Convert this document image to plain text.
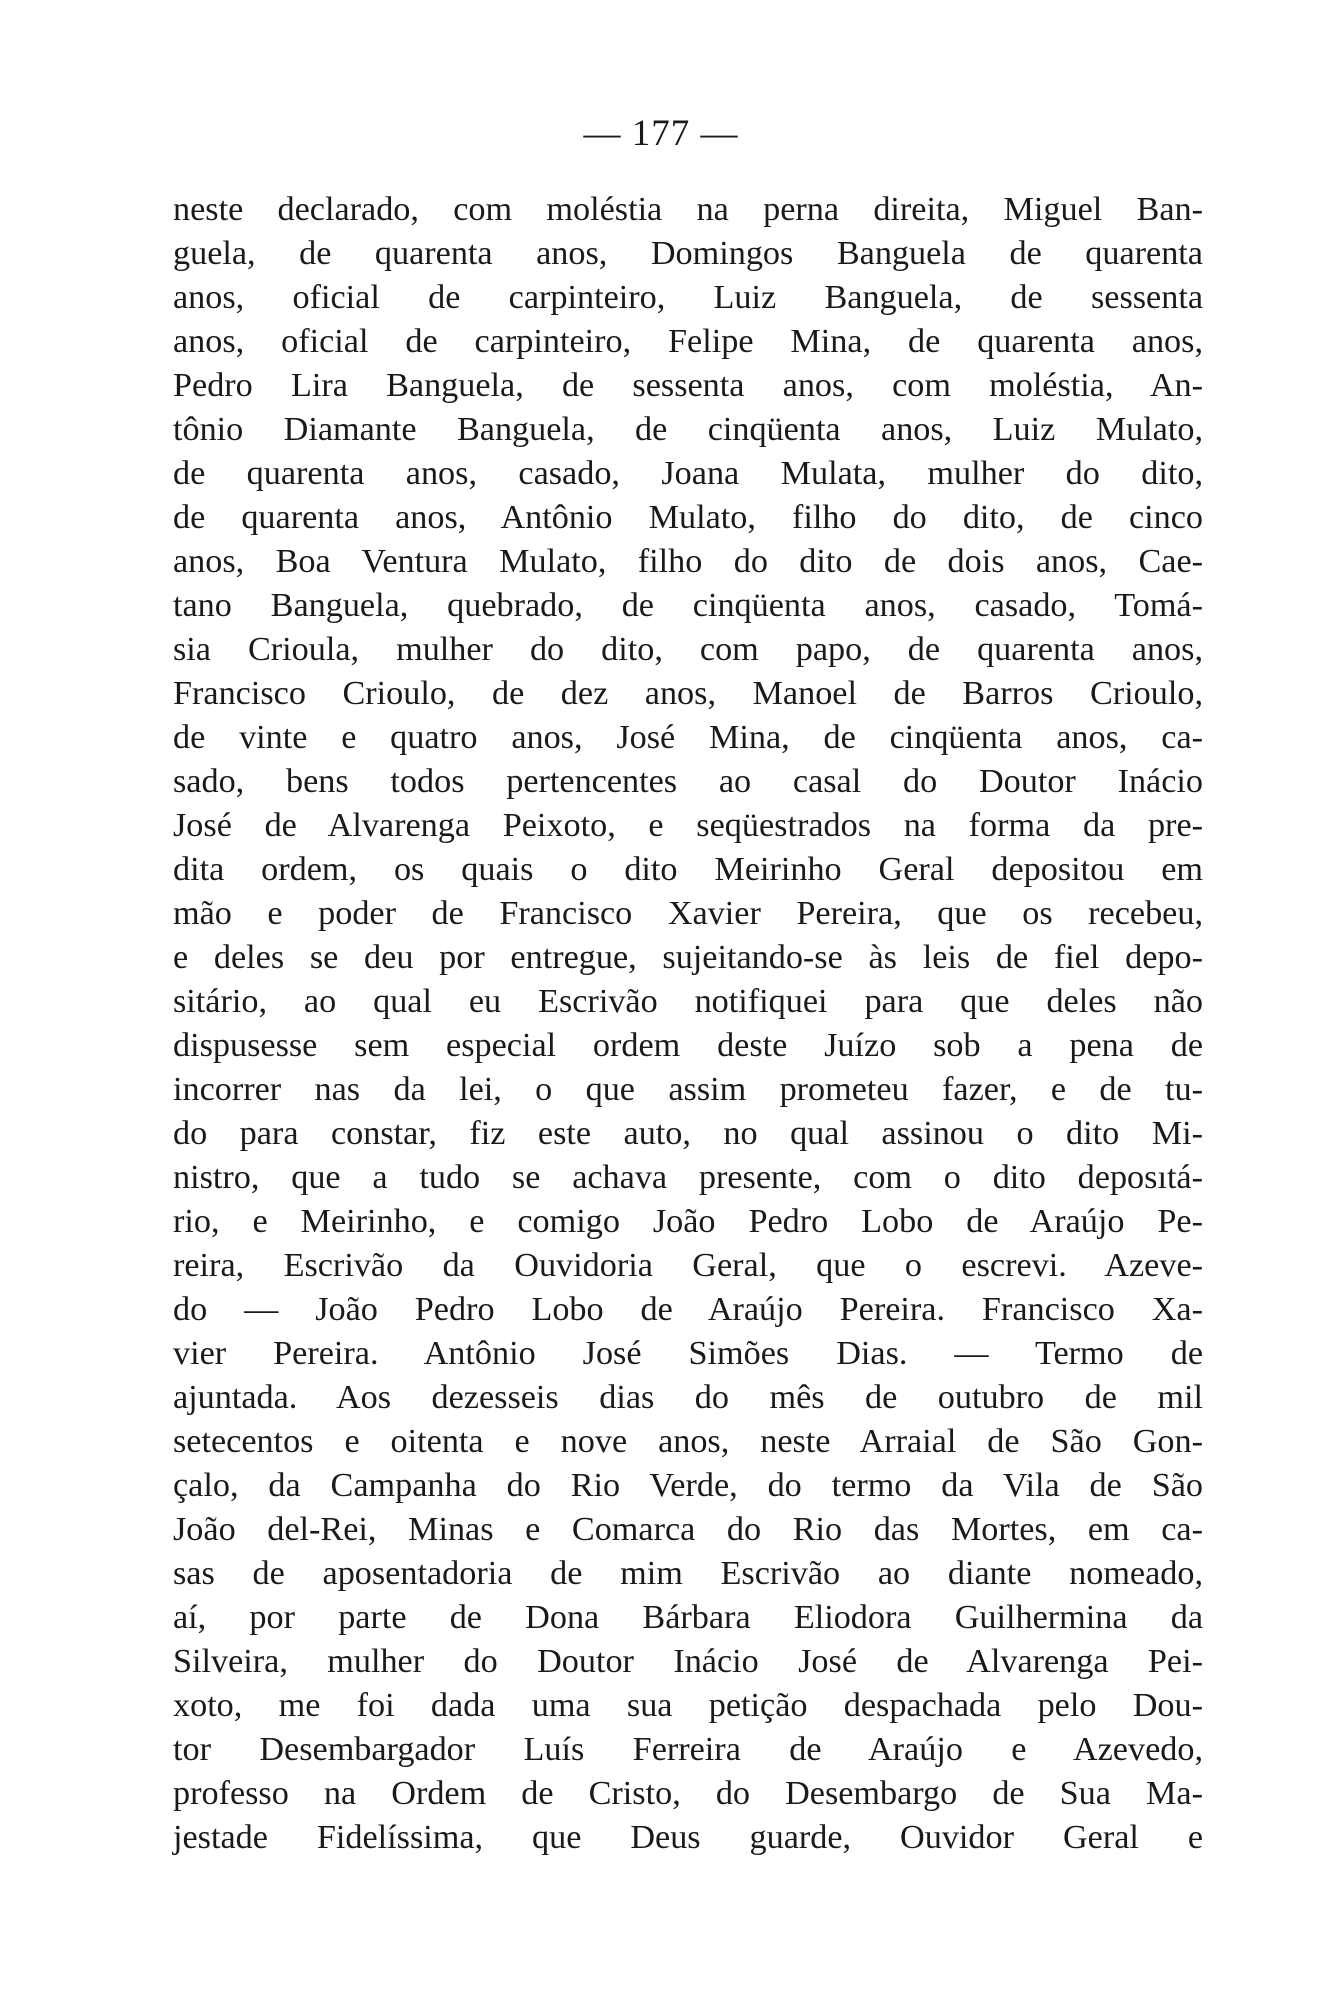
— 177 —
neste declarado, com moléstia na perna direita, Miguel Ban-
guela, de quarenta anos, Domingos Banguela de quarenta
anos, oficial de carpinteiro, Luiz Banguela, de sessenta
anos, oficial de carpinteiro, Felipe Mina, de quarenta anos,
Pedro Lira Banguela, de sessenta anos, com moléstia, An-
tônio Diamante Banguela, de cinqüenta anos, Luiz Mulato,
de quarenta anos, casado, Joana Mulata, mulher do dito,
de quarenta anos, Antônio Mulato, filho do dito, de cinco
anos, Boa Ventura Mulato, filho do dito de dois anos, Cae-
tano Banguela, quebrado, de cinqüenta anos, casado, Tomá-
sia Crioula, mulher do dito, com papo, de quarenta anos,
Francisco Crioulo, de dez anos, Manoel de Barros Crioulo,
de vinte e quatro anos, José Mina, de cinqüenta anos, ca-
sado, bens todos pertencentes ao casal do Doutor Inácio
José de Alvarenga Peixoto, e seqüestrados na forma da pre-
dita ordem, os quais o dito Meirinho Geral depositou em
mão e poder de Francisco Xavier Pereira, que os recebeu,
e deles se deu por entregue, sujeitando-se às leis de fiel depo-
sitário, ao qual eu Escrivão notifiquei para que deles não
dispusesse sem especial ordem deste Juízo sob a pena de
incorrer nas da lei, o que assim prometeu fazer, e de tu-
do para constar, fiz este auto, no qual assinou o dito Mi-
nistro, que a tudo se achava presente, com o dito deposıtá-
rio, e Meirinho, e comigo João Pedro Lobo de Araújo Pe-
reira, Escrivão da Ouvidoria Geral, que o escrevi. Azeve-
do — João Pedro Lobo de Araújo Pereira. Francisco Xa-
vier Pereira. Antônio José Simões Dias. — Termo de
ajuntada. Aos dezesseis dias do mês de outubro de mil
setecentos e oitenta e nove anos, neste Arraial de São Gon-
çalo, da Campanha do Rio Verde, do termo da Vila de São
João del-Rei, Minas e Comarca do Rio das Mortes, em ca-
sas de aposentadoria de mim Escrivão ao diante nomeado,
aí, por parte de Dona Bárbara Eliodora Guilhermina da
Silveira, mulher do Doutor Inácio José de Alvarenga Pei-
xoto, me foi dada uma sua petição despachada pelo Dou-
tor Desembargador Luís Ferreira de Araújo e Azevedo,
professo na Ordem de Cristo, do Desembargo de Sua Ma-
jestade Fidelíssima, que Deus guarde, Ouvidor Geral e
